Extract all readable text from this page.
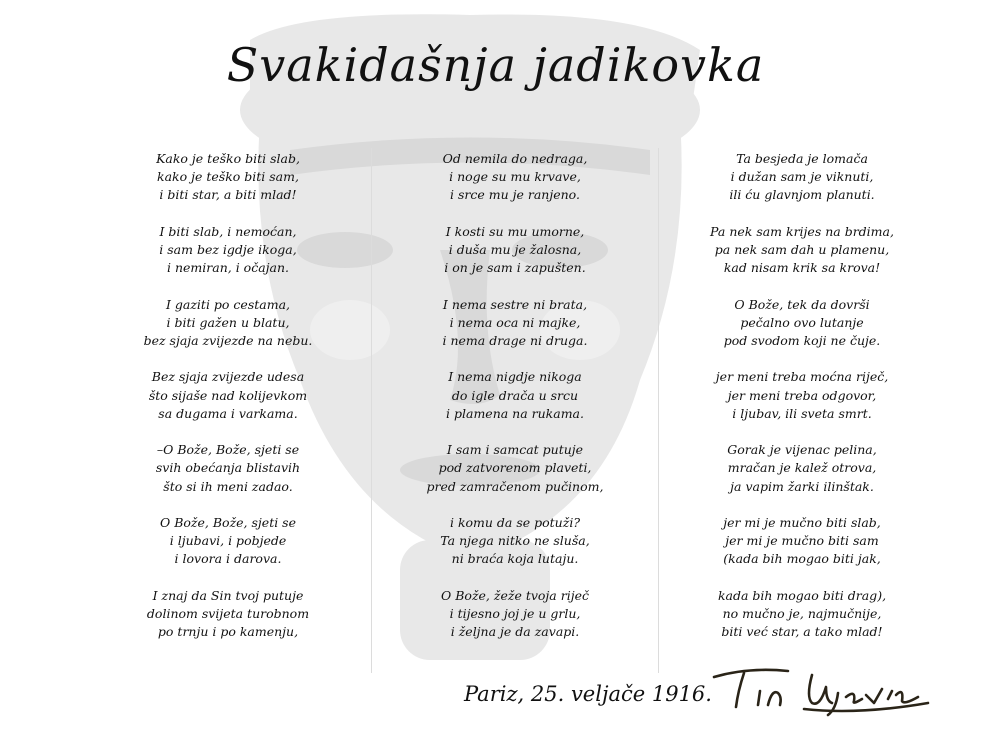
Svakidašnja jadikovka
Kako je teško biti slab,
kako je teško biti sam,
i biti star, a biti mlad!
I biti slab, i nemoćan,
i sam bez igdje ikoga,
i nemiran, i očajan.
I gaziti po cestama,
i biti gažen u blatu,
bez sjaja zvijezde na nebu.
Bez sjaja zvijezde udesa
što sijaše nad kolijevkom
sa dugama i varkama.
–O Bože, Bože, sjeti se
svih obećanja blistavih
što si ih meni zadao.
O Bože, Bože, sjeti se
i ljubavi, i pobjede
i lovora i darova.
I znaj da Sin tvoj putuje
dolinom svijeta turobnom
po trnju i po kamenju,
Od nemila do nedraga,
i noge su mu krvave,
i srce mu je ranjeno.
I kosti su mu umorne,
i duša mu je žalosna,
i on je sam i zapušten.
I nema sestre ni brata,
i nema oca ni majke,
i nema drage ni druga.
I nema nigdje nikoga
do igle drača u srcu
i plamena na rukama.
I sam i samcat putuje
pod zatvorenom plaveti,
pred zamračenom pučinom,
i komu da se potuži?
Ta njega nitko ne sluša,
ni braća koja lutaju.
O Bože, žeže tvoja riječ
i tijesno joj je u grlu,
i željna je da zavapi.
Ta besjeda je lomača
i dužan sam je viknuti,
ili ću glavnjom planuti.
Pa nek sam krijes na brdima,
pa nek sam dah u plamenu,
kad nisam krik sa krova!
O Bože, tek da dovrši
pečalno ovo lutanje
pod svodom koji ne čuje.
jer meni treba moćna riječ,
jer meni treba odgovor,
i ljubav, ili sveta smrt.
Gorak je vijenac pelina,
mračan je kalež otrova,
ja vapim žarki ilinštak.
jer mi je mučno biti slab,
jer mi je mučno biti sam
(kada bih mogao biti jak,
kada bih mogao biti drag),
no mučno je, najmučnije,
biti već star, a tako mlad!
Pariz, 25. veljače 1916.
